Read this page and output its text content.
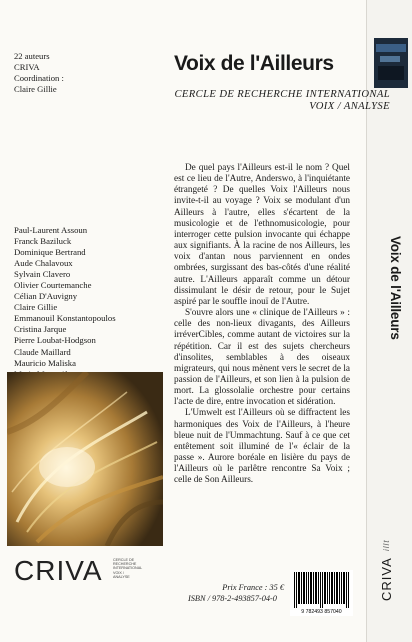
22 auteurs
CRIVA
Coordination :
Claire Gillie
Voix de l'Ailleurs
CERCLE DE RECHERCHE INTERNATIONAL
VOIX / ANALYSE
Paul-Laurent Assoun
Franck Baziluck
Dominique Bertrand
Aude Chalavoux
Sylvain Clavero
Olivier Courtemanche
Célian D'Auvigny
Claire Gillie
Emmanouil Konstantopoulos
Cristina Jarque
Pierre Loubat-Hodgson
Claude Maillard
Mauricio Maliska
CRIVA	CERCLE DE RECHERCHE INTERNATIONAL VOIX / ANALYSE

De quel pays l'Ailleurs est-il le nom ? Quel est ce lieu de l'Autre, Anderswo, à l'inquiétante étrangeté ? De quelles Voix l'Ailleurs nous invite-t-il au voyage ? Voix se modulant d'un Ailleurs à l'autre, elles s'écartent de la musicologie et de l'ethnomusicologie, pour interroger cette pulsion invocante qui échappe aux signifiants. À la racine de nos Ailleurs, les voix d'antan nous parviennent en ondes ombrées, surgissant des bas-côtés d'une réalité autre. L'Ailleurs apparaît comme un détour dissimulant le désir de retour, pour le Sujet aspiré par le souffle inouï de l'Autre.

S'ouvre alors une « clinique de l'Ailleurs » : celle des non-lieux divagants, des Ailleurs irréverCibles, comme autant de victoires sur la répétition. Car il est des sujets chercheurs d'insolites, semblables à des oiseaux migrateurs, qui nous mènent vers le secret de la passion de l'Ailleurs, et son lien à la pulsion de mort. La glossolalie orchestre pour certains l'acte de dire, entre invocation et sidération.

L'Umwelt est l'Ailleurs où se diffractent les harmoniques des Voix de l'Ailleurs, à l'heure bleue nuit de l'Ummachtung. Sauf à ce que cet entêtement soit illuminé de l'« éclair de la passe ». Aurore boréale en lisière du pays de l'Ailleurs où le parlêtre rencontre Sa Voix ; celle de Son Ailleurs.

Prix France : 35 €
ISBN / 978-2-493857-04-0
9 782493 857040
Voix de l'Ailleurs
CRIVAillt
